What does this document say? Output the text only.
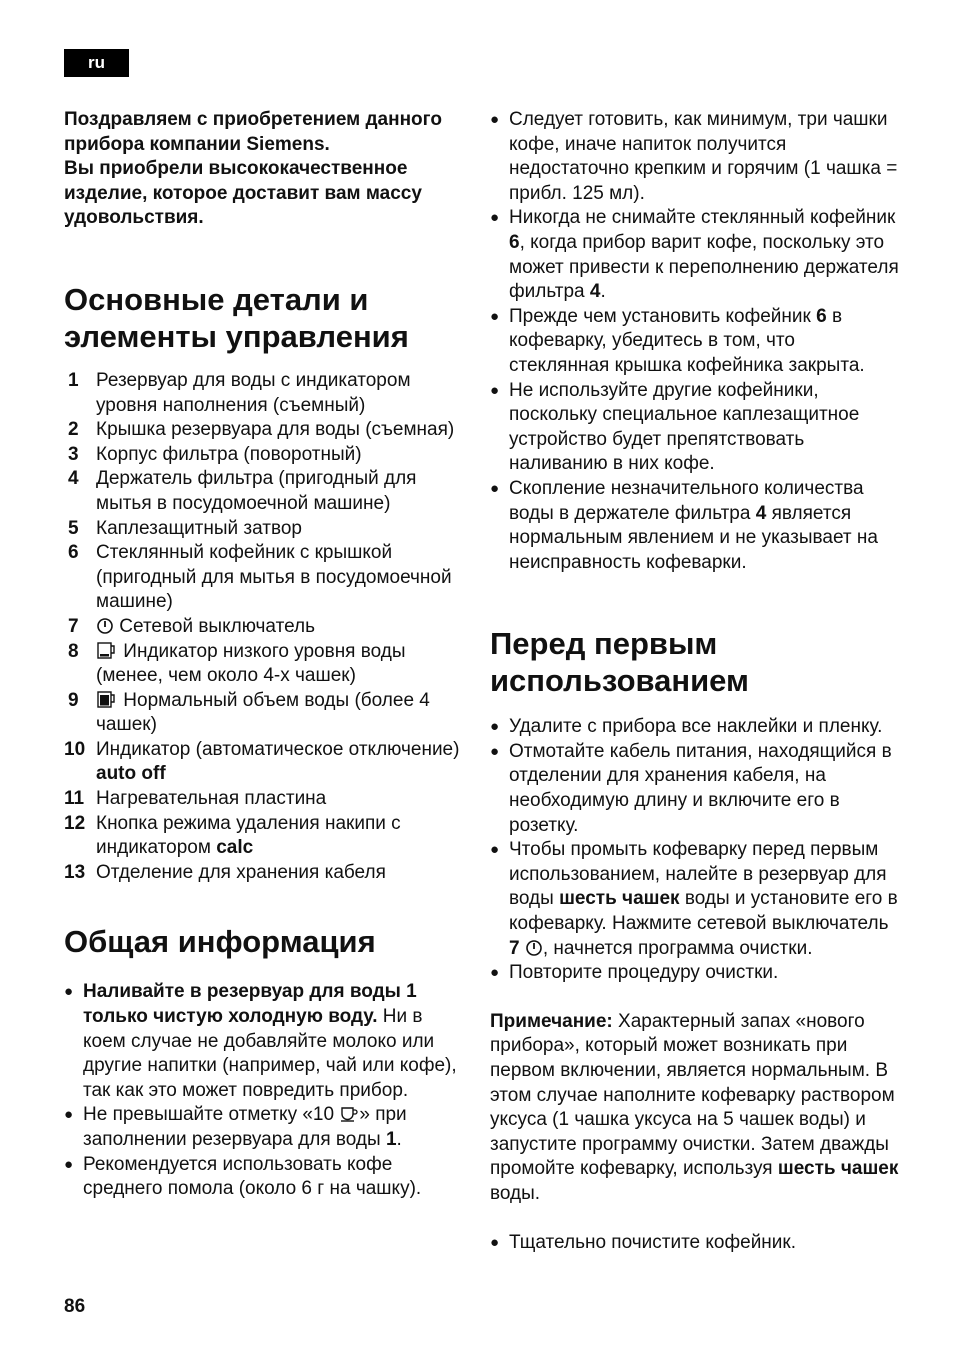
ru
Поздравляем с приобретением данного прибора компании Siemens.
Вы приобрели высококачественное изделие, которое доставит вам массу удовольствия.
Основные детали и элементы управления
1 Резервуар для воды с индикатором уровня наполнения (съемный)
2 Крышка резервуара для воды (съемная)
3 Корпус фильтра (поворотный)
4 Держатель фильтра (пригодный для мытья в посудомоечной машине)
5 Каплезащитный затвор
6 Стеклянный кофейник с крышкой (пригодный для мытья в посудомоечной машине)
7	Сетевой выключатель
8	Индикатор низкого уровня воды (менее, чем около 4-х чашек)
9	Нормальный объем воды (более 4 чашек)
10 Индикатор (автоматическое отключение) auto off
11 Нагревательная пластина
12 Кнопка режима удаления накипи с индикатором calc
13 Отделение для хранения кабеля
Общая информация
● Наливайте в резервуар для воды 1 только чистую холодную воду. Ни в коем случае не добавляйте молоко или другие напитки (например, чай или кофе), так как это может повредить прибор.
● Не превышайте отметку «10 » при заполнении резервуара для воды 1.
● Рекомендуется использовать кофе среднего помола (около 6 г на чашку).
● Следует готовить, как минимум, три чашки кофе, иначе напиток получится недостаточно крепким и горячим (1 чашка = прибл. 125 мл).
● Никогда не снимайте стеклянный кофейник 6, когда прибор варит кофе, поскольку это может привести к переполнению держателя фильтра 4.
● Прежде чем установить кофейник 6 в кофеварку, убедитесь в том, что стеклянная крышка кофейника закрыта.
● Не используйте другие кофейники, поскольку специальное каплезащитное устройство будет препятствовать наливанию в них кофе.
● Скопление незначительного количества воды в держателе фильтра 4 является нормальным явлением и не указывает на неисправность кофеварки.
Перед первым использованием
● Удалите с прибора все наклейки и пленку.
● Отмотайте кабель питания, находящийся в отделении для хранения кабеля, на необходимую длину и включите его в розетку.
● Чтобы промыть кофеварку перед первым использованием, налейте в резервуар для воды шесть чашек воды и установите его в кофеварку. Нажмите сетевой выключатель 7 , начнется программа очистки.
● Повторите процедуру очистки.

Примечание: Характерный запах «нового прибора», который может возникать при первом включении, является нормальным. В этом случае наполните кофеварку раствором уксуса (1 чашка уксуса на 5 чашек воды) и запустите программу очистки. Затем дважды промойте кофеварку, используя шесть чашек воды.

● Тщательно почистите кофейник.
86
